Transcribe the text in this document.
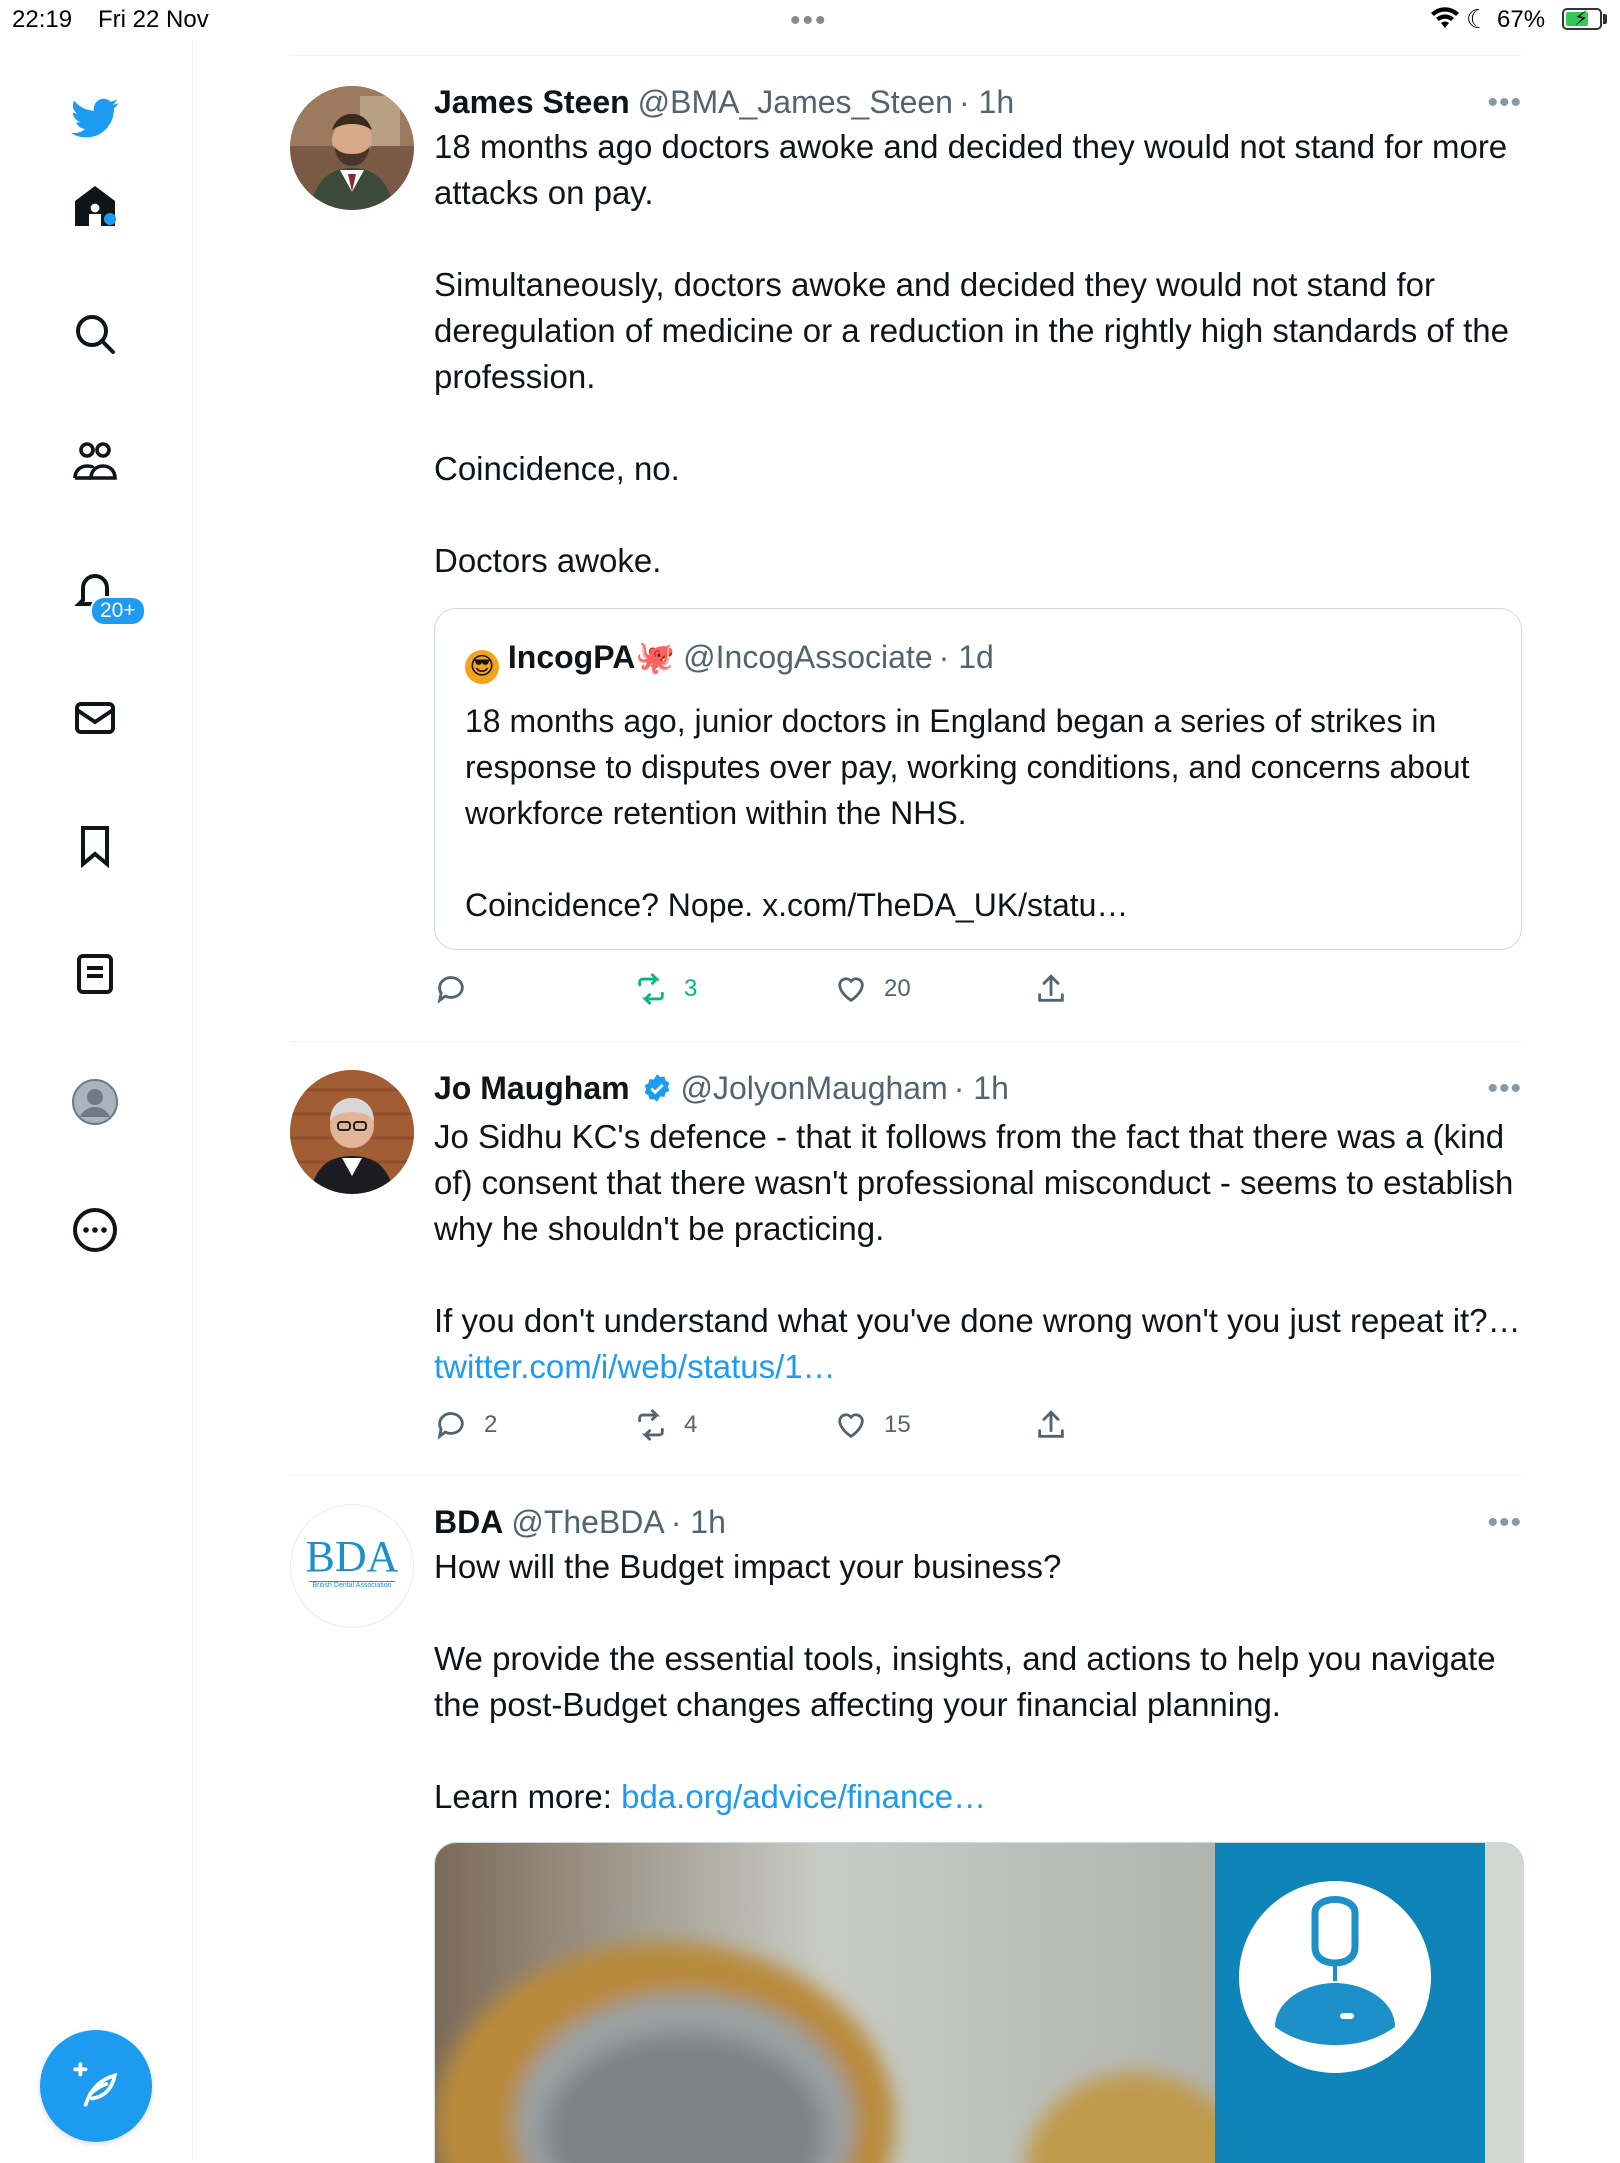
22:19 Fri 22 Nov	•••	☾ 67% ⚡
20+
James Steen @BMA_James_Steen · 1h	•••

18 months ago doctors awoke and decided they would not stand for more attacks on pay.

Simultaneously, doctors awoke and decided they would not stand for deregulation of medicine or a reduction in the rightly high standards of the profession.

Coincidence, no.

Doctors awoke.

😎 IncogPA🐙 @IncogAssociate · 1d

18 months ago, junior doctors in England began a series of strikes in response to disputes over pay, working conditions, and concerns about workforce retention within the NHS.

Coincidence? Nope. x.com/TheDA_UK/statu…

3	20
Jo Maugham @JolyonMaugham · 1h	•••

Jo Sidhu KC's defence - that it follows from the fact that there was a (kind of) consent that there wasn't professional misconduct - seems to establish why he shouldn't be practicing.

If you don't understand what you've done wrong won't you just repeat it?… twitter.com/i/web/status/1…

2	4	15
BDA
British Dental Association
BDA @TheBDA · 1h	•••

How will the Budget impact your business?

We provide the essential tools, insights, and actions to help you navigate the post-Budget changes affecting your financial planning.

Learn more: bda.org/advice/finance…
